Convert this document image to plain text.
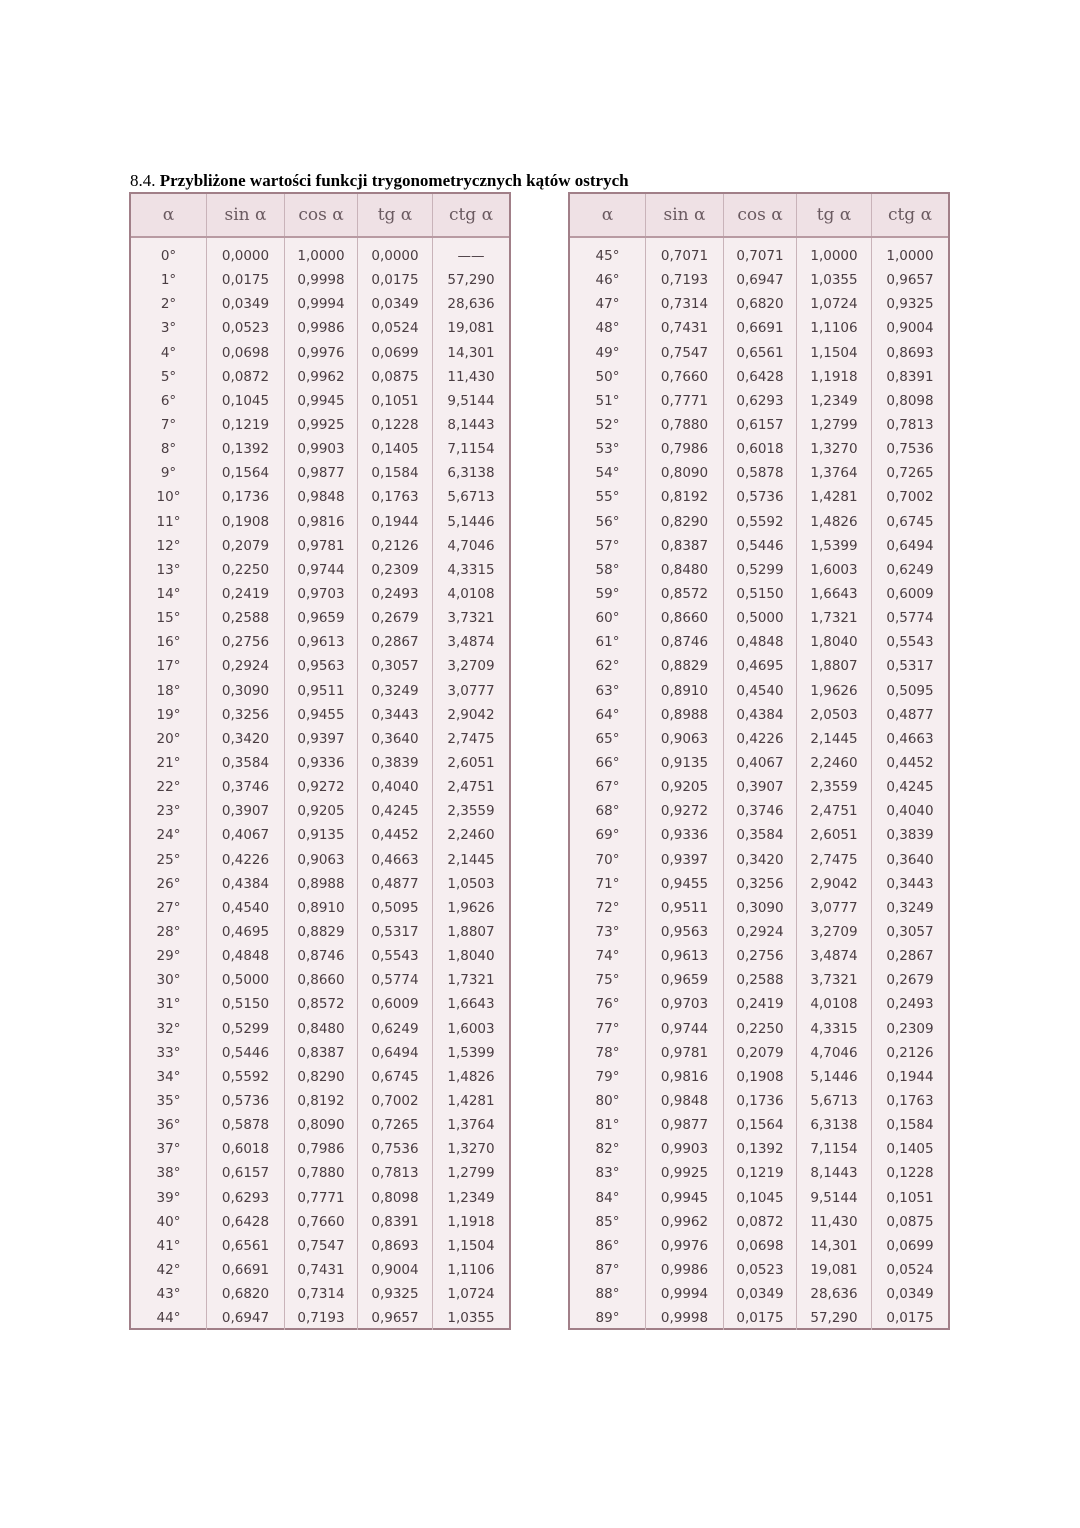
8.4. Przybliżone wartości funkcji trygonometrycznych kątów ostrych
α	sin α	cos α	tg α	ctg α
0°	0,0000	1,0000	0,0000	——
1°	0,0175	0,9998	0,0175	57,290
2°	0,0349	0,9994	0,0349	28,636
3°	0,0523	0,9986	0,0524	19,081
4°	0,0698	0,9976	0,0699	14,301
5°	0,0872	0,9962	0,0875	11,430
6°	0,1045	0,9945	0,1051	9,5144
7°	0,1219	0,9925	0,1228	8,1443
8°	0,1392	0,9903	0,1405	7,1154
9°	0,1564	0,9877	0,1584	6,3138
10°	0,1736	0,9848	0,1763	5,6713
11°	0,1908	0,9816	0,1944	5,1446
12°	0,2079	0,9781	0,2126	4,7046
13°	0,2250	0,9744	0,2309	4,3315
14°	0,2419	0,9703	0,2493	4,0108
15°	0,2588	0,9659	0,2679	3,7321
16°	0,2756	0,9613	0,2867	3,4874
17°	0,2924	0,9563	0,3057	3,2709
18°	0,3090	0,9511	0,3249	3,0777
19°	0,3256	0,9455	0,3443	2,9042
20°	0,3420	0,9397	0,3640	2,7475
21°	0,3584	0,9336	0,3839	2,6051
22°	0,3746	0,9272	0,4040	2,4751
23°	0,3907	0,9205	0,4245	2,3559
24°	0,4067	0,9135	0,4452	2,2460
25°	0,4226	0,9063	0,4663	2,1445
26°	0,4384	0,8988	0,4877	1,0503
27°	0,4540	0,8910	0,5095	1,9626
28°	0,4695	0,8829	0,5317	1,8807
29°	0,4848	0,8746	0,5543	1,8040
30°	0,5000	0,8660	0,5774	1,7321
31°	0,5150	0,8572	0,6009	1,6643
32°	0,5299	0,8480	0,6249	1,6003
33°	0,5446	0,8387	0,6494	1,5399
34°	0,5592	0,8290	0,6745	1,4826
35°	0,5736	0,8192	0,7002	1,4281
36°	0,5878	0,8090	0,7265	1,3764
37°	0,6018	0,7986	0,7536	1,3270
38°	0,6157	0,7880	0,7813	1,2799
39°	0,6293	0,7771	0,8098	1,2349
40°	0,6428	0,7660	0,8391	1,1918
41°	0,6561	0,7547	0,8693	1,1504
42°	0,6691	0,7431	0,9004	1,1106
43°	0,6820	0,7314	0,9325	1,0724
44°	0,6947	0,7193	0,9657	1,0355
α	sin α	cos α	tg α	ctg α
45°	0,7071	0,7071	1,0000	1,0000
46°	0,7193	0,6947	1,0355	0,9657
47°	0,7314	0,6820	1,0724	0,9325
48°	0,7431	0,6691	1,1106	0,9004
49°	0,7547	0,6561	1,1504	0,8693
50°	0,7660	0,6428	1,1918	0,8391
51°	0,7771	0,6293	1,2349	0,8098
52°	0,7880	0,6157	1,2799	0,7813
53°	0,7986	0,6018	1,3270	0,7536
54°	0,8090	0,5878	1,3764	0,7265
55°	0,8192	0,5736	1,4281	0,7002
56°	0,8290	0,5592	1,4826	0,6745
57°	0,8387	0,5446	1,5399	0,6494
58°	0,8480	0,5299	1,6003	0,6249
59°	0,8572	0,5150	1,6643	0,6009
60°	0,8660	0,5000	1,7321	0,5774
61°	0,8746	0,4848	1,8040	0,5543
62°	0,8829	0,4695	1,8807	0,5317
63°	0,8910	0,4540	1,9626	0,5095
64°	0,8988	0,4384	2,0503	0,4877
65°	0,9063	0,4226	2,1445	0,4663
66°	0,9135	0,4067	2,2460	0,4452
67°	0,9205	0,3907	2,3559	0,4245
68°	0,9272	0,3746	2,4751	0,4040
69°	0,9336	0,3584	2,6051	0,3839
70°	0,9397	0,3420	2,7475	0,3640
71°	0,9455	0,3256	2,9042	0,3443
72°	0,9511	0,3090	3,0777	0,3249
73°	0,9563	0,2924	3,2709	0,3057
74°	0,9613	0,2756	3,4874	0,2867
75°	0,9659	0,2588	3,7321	0,2679
76°	0,9703	0,2419	4,0108	0,2493
77°	0,9744	0,2250	4,3315	0,2309
78°	0,9781	0,2079	4,7046	0,2126
79°	0,9816	0,1908	5,1446	0,1944
80°	0,9848	0,1736	5,6713	0,1763
81°	0,9877	0,1564	6,3138	0,1584
82°	0,9903	0,1392	7,1154	0,1405
83°	0,9925	0,1219	8,1443	0,1228
84°	0,9945	0,1045	9,5144	0,1051
85°	0,9962	0,0872	11,430	0,0875
86°	0,9976	0,0698	14,301	0,0699
87°	0,9986	0,0523	19,081	0,0524
88°	0,9994	0,0349	28,636	0,0349
89°	0,9998	0,0175	57,290	0,0175
